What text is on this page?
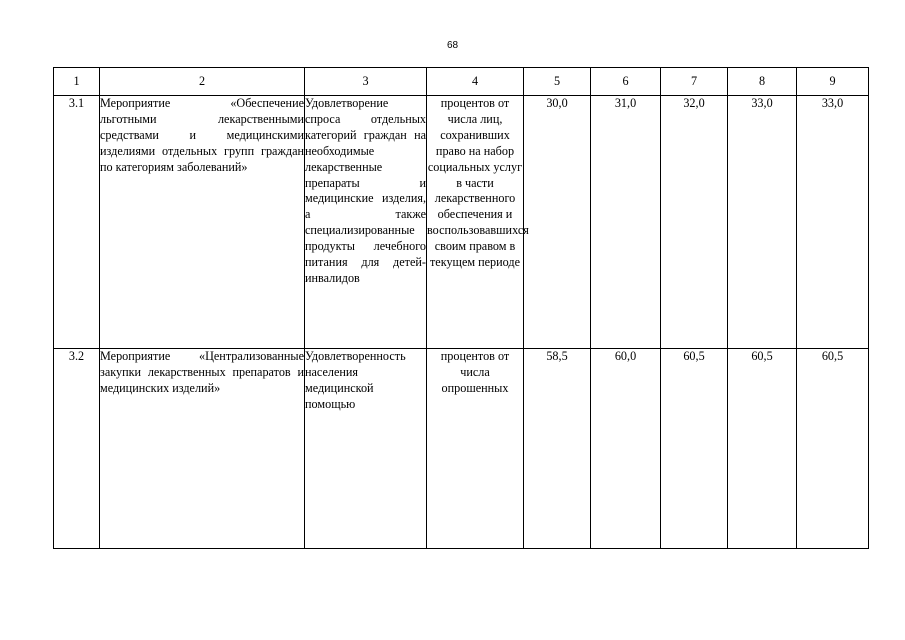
68
1	2	3	4	5	6	7	8	9
3.1	Мероприятие «Обеспечение льготными лекарственными средствами и медицинскими изделиями отдельных групп граждан по категориям заболеваний»	Удовлетворение спроса отдельных категорий граждан на необходимые лекарственные препараты и медицинские изделия, а также специализированные продукты лечебного питания для детей-инвалидов	процентов от числа лиц, сохранивших право на набор социальных услуг в части лекарственного обеспечения и воспользовавшихся своим правом в текущем периоде	30,0	31,0	32,0	33,0	33,0
3.2	Мероприятие «Централизованные закупки лекарственных препаратов и медицинских изделий»	Удовлетворенность населения медицинской помощью	процентов от числа опрошенных	58,5	60,0	60,5	60,5	60,5
